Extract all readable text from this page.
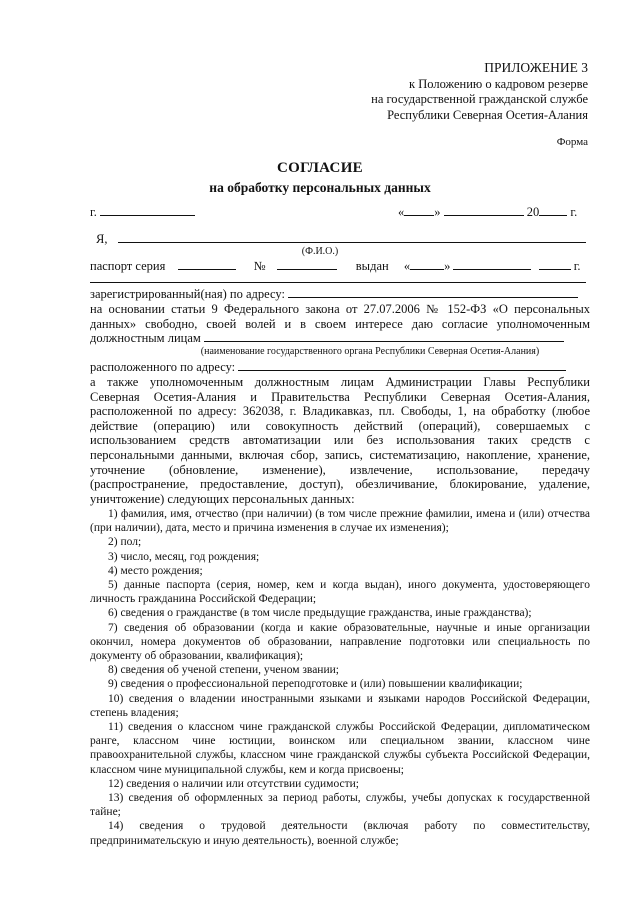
ПРИЛОЖЕНИЕ 3
к Положению о кадровом резерве
на государственной гражданской службе
Республики Северная Осетия-Алания
Форма
СОГЛАСИЕ
на обработку персональных данных
г.	« »	20 г.
Я,
(Ф.И.О.)
паспорт серия	№	выдан «	»	г.
зарегистрированный(ная) по адресу:
на основании статьи 9 Федерального закона от 27.07.2006 № 152-ФЗ «О персональных
данных» свободно, своей волей и в своем интересе даю согласие уполномоченным
должностным лицам
(наименование государственного органа Республики Северная Осетия-Алания)
расположенного по адресу:
а также уполномоченным должностным лицам Администрации Главы Республики
Северная Осетия-Алания и Правительства Республики Северная Осетия-Алания,
расположенной по адресу: 362038, г. Владикавказ, пл. Свободы, 1, на обработку (любое
действие (операцию) или совокупность действий (операций), совершаемых с
использованием средств автоматизации или без использования таких средств с
персональными данными, включая сбор, запись, систематизацию, накопление, хранение,
уточнение (обновление, изменение), извлечение, использование, передачу
(распространение, предоставление, доступ), обезличивание, блокирование, удаление,
уничтожение) следующих персональных данных:
1) фамилия, имя, отчество (при наличии) (в том числе прежние фамилии, имена и (или) отчества
(при наличии), дата, место и причина изменения в случае их изменения);
2) пол;
3) число, месяц, год рождения;
4) место рождения;
5) данные паспорта (серия, номер, кем и когда выдан), иного документа, удостоверяющего
личность гражданина Российской Федерации;
6) сведения о гражданстве (в том числе предыдущие гражданства, иные гражданства);
7) сведения об образовании (когда и какие образовательные, научные и иные организации
окончил, номера документов об образовании, направление подготовки или специальность по
документу об образовании, квалификация);
8) сведения об ученой степени, ученом звании;
9) сведения о профессиональной переподготовке и (или) повышении квалификации;
10) сведения о владении иностранными языками и языками народов Российской Федерации,
степень владения;
11) сведения о классном чине гражданской службы Российской Федерации, дипломатическом
ранге, классном чине юстиции, воинском или специальном звании, классном чине
правоохранительной службы, классном чине гражданской службы субъекта Российской Федерации,
классном чине муниципальной службы, кем и когда присвоены;
12) сведения о наличии или отсутствии судимости;
13) сведения об оформленных за период работы, службы, учебы допусках к государственной
тайне;
14) сведения о трудовой деятельности (включая работу по совместительству,
предпринимательскую и иную деятельность), военной службе;
